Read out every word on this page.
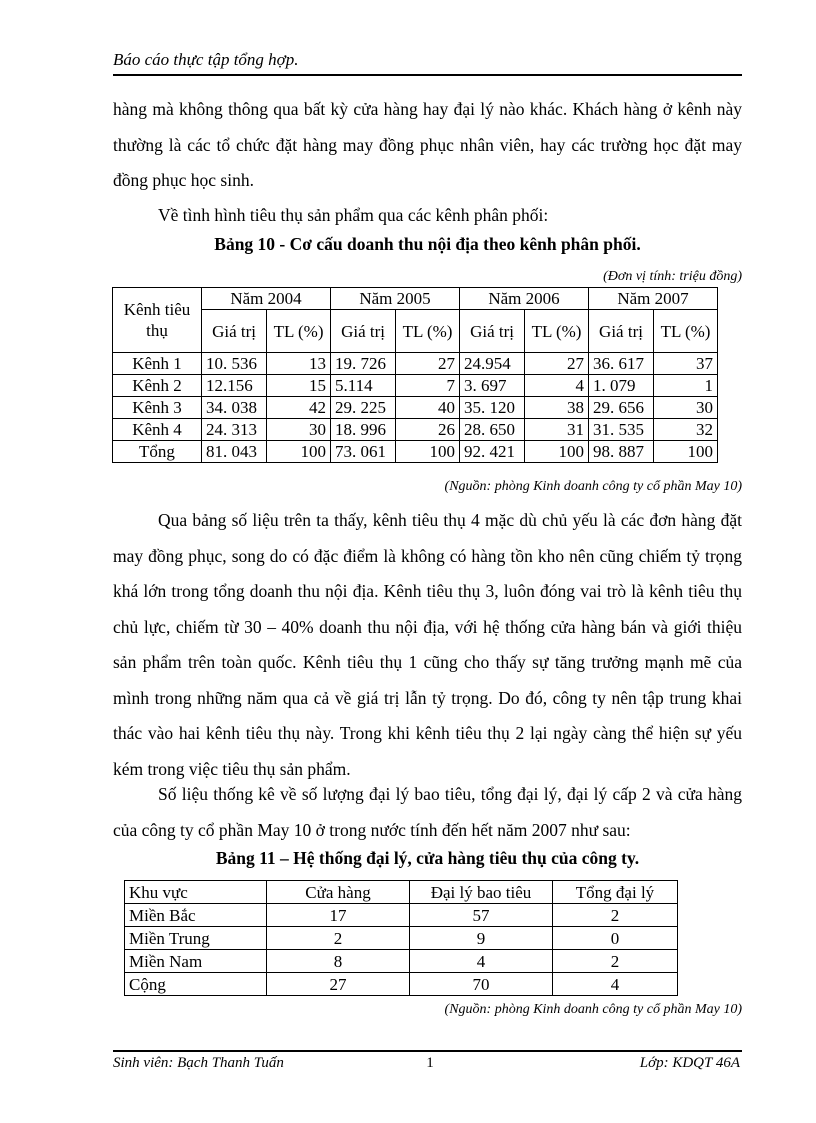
Báo cáo thực tập tổng hợp.

hàng mà không thông qua bất kỳ cửa hàng hay đại lý nào khác. Khách hàng ở kênh này thường là các tổ chức đặt hàng may đồng phục nhân viên, hay các trường học đặt may đồng phục học sinh.

Về tình hình tiêu thụ sản phẩm qua các kênh phân phối:

Bảng 10 - Cơ cấu doanh thu nội địa theo kênh phân phối.
(Đơn vị tính: triệu đồng)
Kênh tiêu thụ	Năm 2004		Năm 2005		Năm 2006		Năm 2007	
	Giá trị	TL (%)	Giá trị	TL (%)	Giá trị	TL (%)	Giá trị	TL (%)
Kênh 1	10. 536	13	19. 726	27	24.954	27	36. 617	37
Kênh 2	12.156	15	5.114	7	3. 697	4	1. 079	1
Kênh 3	34. 038	42	29. 225	40	35. 120	38	29. 656	30
Kênh 4	24. 313	30	18. 996	26	28. 650	31	31. 535	32
Tổng	81. 043	100	73. 061	100	92. 421	100	98. 887	100
(Nguồn: phòng Kinh doanh công ty cổ phần May 10)

Qua bảng số liệu trên ta thấy, kênh tiêu thụ 4 mặc dù chủ yếu là các đơn hàng đặt may đồng phục, song do có đặc điểm là không có hàng tồn kho nên cũng chiếm tỷ trọng khá lớn trong tổng doanh thu nội địa. Kênh tiêu thụ 3, luôn đóng vai trò là kênh tiêu thụ chủ lực, chiếm từ 30 – 40% doanh thu nội địa, với hệ thống cửa hàng bán và giới thiệu sản phẩm trên toàn quốc. Kênh tiêu thụ 1 cũng cho thấy sự tăng trưởng mạnh mẽ của mình trong những năm qua cả về giá trị lẫn tỷ trọng. Do đó, công ty nên tập trung khai thác vào hai kênh tiêu thụ này. Trong khi kênh tiêu thụ 2 lại ngày càng thể hiện sự yếu kém trong việc tiêu thụ sản phẩm.

Số liệu thống kê về số lượng đại lý bao tiêu, tổng đại lý, đại lý cấp 2 và cửa hàng của công ty cổ phần May 10 ở trong nước tính đến hết năm 2007 như sau:

Bảng 11 – Hệ thống đại lý, cửa hàng tiêu thụ của công ty.
Khu vực	Cửa hàng	Đại lý bao tiêu	Tổng đại lý
Miền Bắc	17	57	2
Miền Trung	2	9	0
Miền Nam	8	4	2
Cộng	27	70	4
(Nguồn: phòng Kinh doanh công ty cổ phần May 10)
Sinh viên: Bạch Thanh Tuấn	1	Lớp: KDQT 46A
